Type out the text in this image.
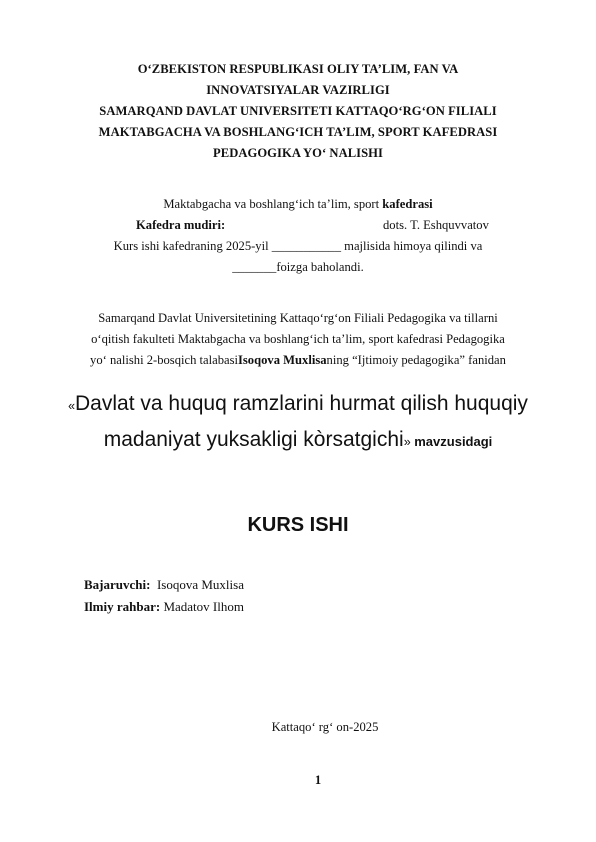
O‘ZBEKISTON RESPUBLIKASI OLIY TA’LIM, FAN VA
INNOVATSIYALAR VAZIRLIGI
SAMARQAND DAVLAT UNIVERSITETI KATTAQO‘RG‘ON FILIALI
MAKTABGACHA VA BOSHLANG‘ICH TA’LIM, SPORT KAFEDRASI
PEDAGOGIKA YO‘ NALISHI
Maktabgacha va boshlang‘ich ta’lim, sport kafedrasi
Kafedra mudiri:	dots. T. Eshquvvatov
Kurs ishi kafedraning 2025-yil ___________ majlisida himoya qilindi va
_______foizga baholandi.
Samarqand Davlat Universitetining Kattaqo‘rg‘on Filiali Pedagogika va tillarni
o‘qitish fakulteti Maktabgacha va boshlang‘ich ta’lim, sport kafedrasi Pedagogika
yo‘ nalishi 2-bosqich talabasiIsoqova Muxlisaning “Ijtimoiy pedagogika” fanidan
«Davlat va huquq ramzlarini hurmat qilish huquqiy
madaniyat yuksakligi kòrsatgichi» mavzusidagi
KURS ISHI
Bajaruvchi:  Isoqova Muxlisa
Ilmiy rahbar: Madatov Ilhom
Kattaqo‘ rg‘ on-2025
1
